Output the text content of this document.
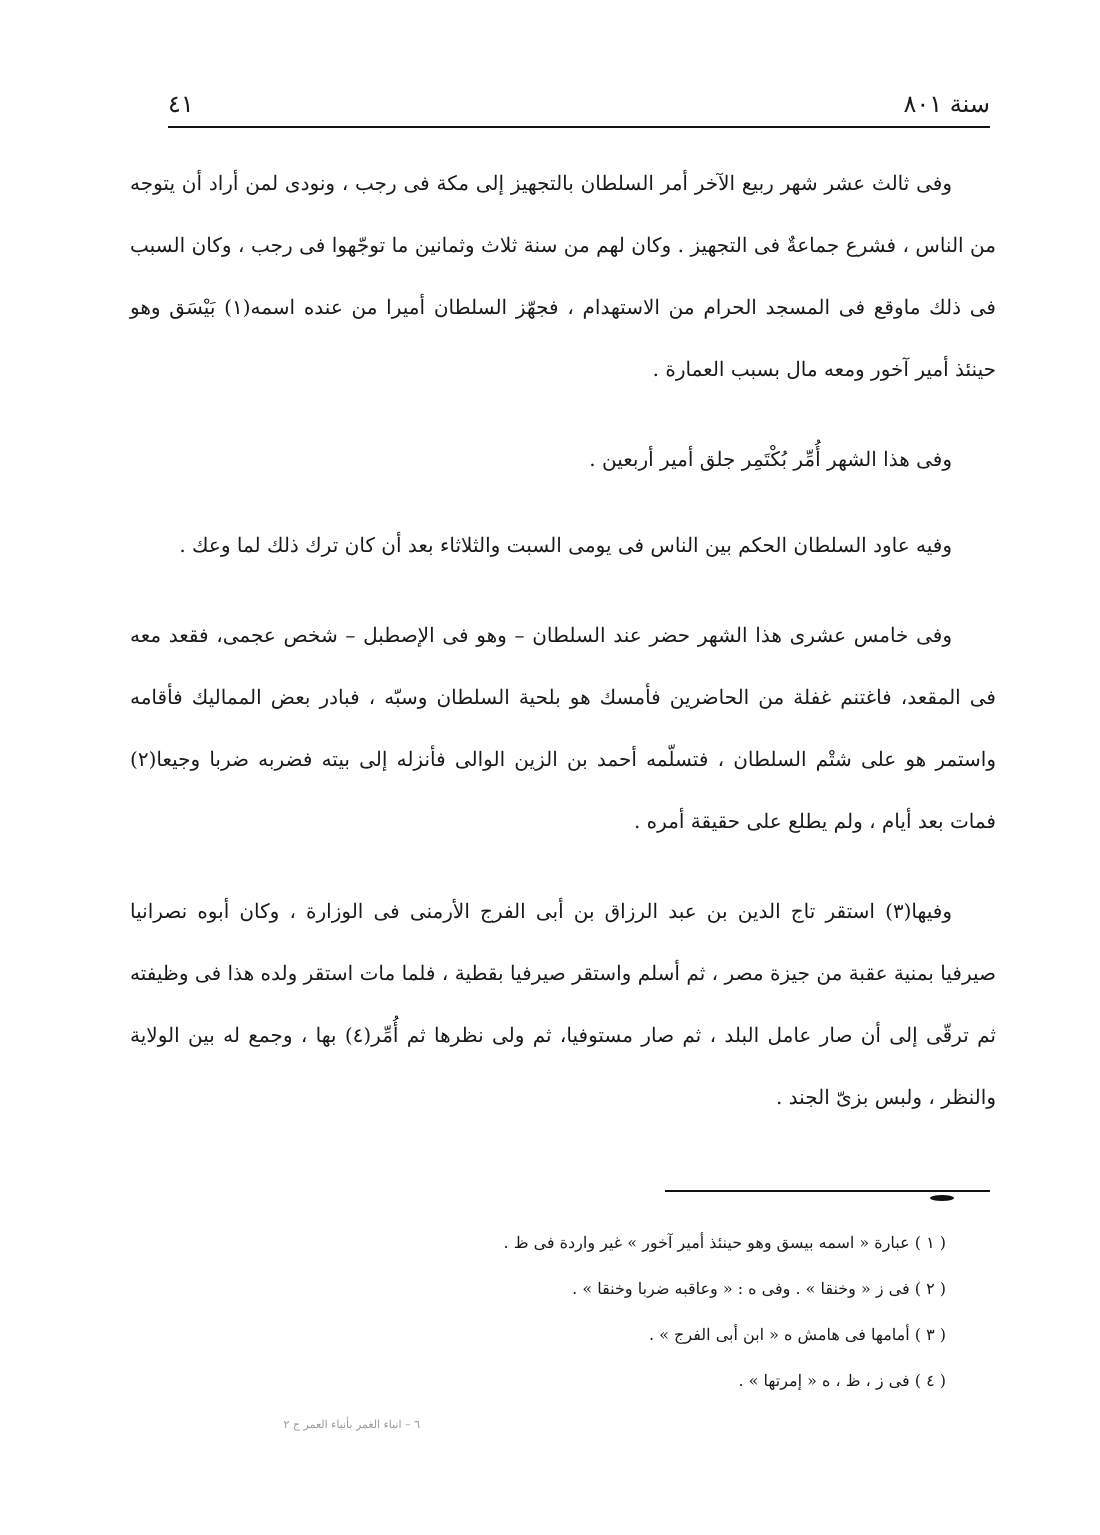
٤١	سنة ٨٠١

وفى ثالث عشر شهر ربيع الآخر أمر السلطان بالتجهيز إلى مكة فى رجب ، ونودى لمن أراد أن يتوجه من الناس ، فشرع جماعةٌ فى التجهيز . وكان لهم من سنة ثلاث وثمانين ما توجّهوا فى رجب ، وكان السبب فى ذلك ماوقع فى المسجد الحرام من الاستهدام ، فجهّز السلطان أميرا من عنده اسمه(١) بَيْسَق وهو حينئذ أمير آخور ومعه مال بسبب العمارة .

وفى هذا الشهر أُمِّر بُكْتَمِر جلق أمير أربعين .

وفيه عاود السلطان الحكم بين الناس فى يومى السبت والثلاثاء بعد أن كان ترك ذلك لما وعك .

وفى خامس عشرى هذا الشهر حضر عند السلطان – وهو فى الإصطبل – شخص عجمى، فقعد معه فى المقعد، فاغتنم غفلة من الحاضرين فأمسك هو بلحية السلطان وسبّه ، فبادر بعض المماليك فأقامه واستمر هو على شتْم السلطان ، فتسلّمه أحمد بن الزين الوالى فأنزله إلى بيته فضربه ضربا وجيعا(٢) فمات بعد أيام ، ولم يطلع على حقيقة أمره .

وفيها(٣) استقر تاج الدين بن عبد الرزاق بن أبى الفرج الأرمنى فى الوزارة ، وكان أبوه نصرانيا صيرفيا بمنية عقبة من جيزة مصر ، ثم أسلم واستقر صيرفيا بقطية ، فلما مات استقر ولده هذا فى وظيفته ثم ترقّى إلى أن صار عامل البلد ، ثم صار مستوفيا، ثم ولى نظرها ثم أُمِّر(٤) بها ، وجمع له بين الولاية والنظر ، ولبس بزىّ الجند .

( ١ ) عبارة « اسمه بيسق وهو حينئذ أمير آخور » غير واردة فى ظ .
( ٢ ) فى ز « وخنقا » . وفى ه : « وعاقبه ضربا وخنقا » .
( ٣ ) أمامها فى هامش ه « ابن أبى الفرج » .
( ٤ ) فى ز ، ظ ، ه « إمرتها » .
٦ – انباء الغمر بأنباء العمر ج ٢
